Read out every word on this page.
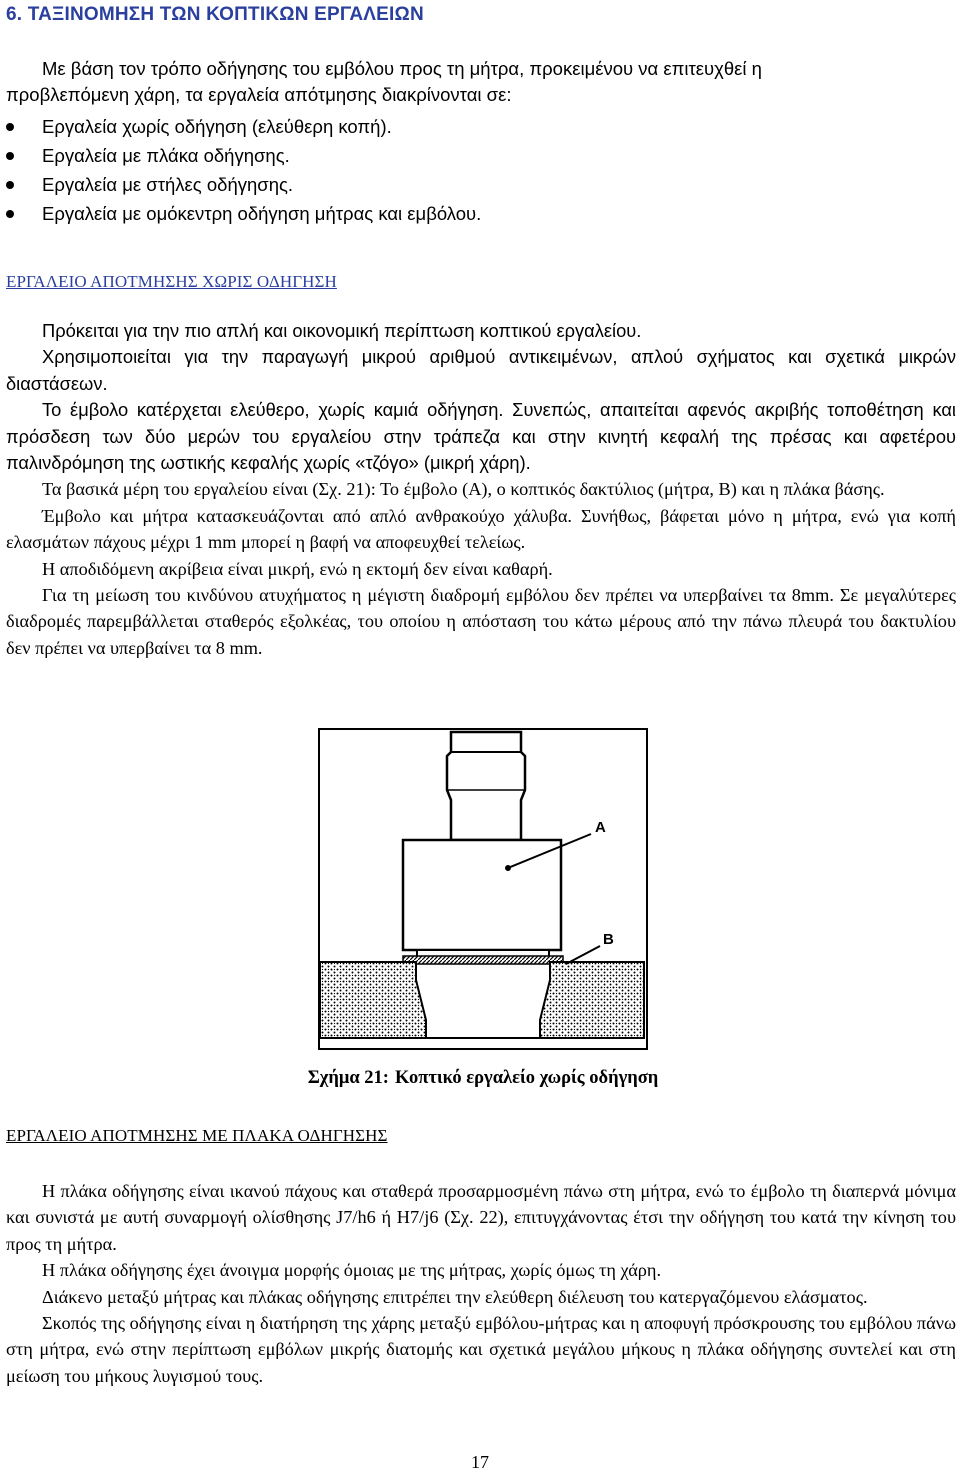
6. ΤΑΞΙΝΟΜΗΣΗ ΤΩΝ ΚΟΠΤΙΚΩΝ ΕΡΓΑΛΕΙΩΝ
Με βάση τον τρόπο οδήγησης του εμβόλου προς τη μήτρα, προκειμένου να επιτευχθεί η
προβλεπόμενη χάρη, τα εργαλεία απότμησης διακρίνονται σε:
Εργαλεία χωρίς οδήγηση (ελεύθερη κοπή).
Εργαλεία με πλάκα οδήγησης.
Εργαλεία με στήλες οδήγησης.
Εργαλεία με ομόκεντρη οδήγηση μήτρας και εμβόλου.
ΕΡΓΑΛΕΙΟ ΑΠΟΤΜΗΣΗΣ ΧΩΡΙΣ ΟΔΗΓΗΣΗ

Πρόκειται για την πιο απλή και οικονομική περίπτωση κοπτικού εργαλείου.

Χρησιμοποιείται για την παραγωγή μικρού αριθμού αντικειμένων, απλού σχήματος και σχετικά μικρών διαστάσεων.

Το έμβολο κατέρχεται ελεύθερο, χωρίς καμιά οδήγηση. Συνεπώς, απαιτείται αφενός ακριβής τοποθέτηση και πρόσδεση των δύο μερών του εργαλείου στην τράπεζα και στην κινητή κεφαλή της πρέσας και αφετέρου παλινδρόμηση της ωστικής κεφαλής χωρίς «τζόγο» (μικρή χάρη).

Τα βασικά μέρη του εργαλείου είναι (Σχ. 21): Το έμβολο (Α), ο κοπτικός δακτύλιος (μήτρα, Β) και η πλάκα βάσης.

Έμβολο και μήτρα κατασκευάζονται από απλό ανθρακούχο χάλυβα. Συνήθως, βάφεται μόνο η μήτρα, ενώ για κοπή ελασμάτων πάχους μέχρι 1 mm μπορεί η βαφή να αποφευχθεί τελείως.

Η αποδιδόμενη ακρίβεια είναι μικρή, ενώ η εκτομή δεν είναι καθαρή.

Για τη μείωση του κινδύνου ατυχήματος η μέγιστη διαδρομή εμβόλου δεν πρέπει να υπερβαίνει τα 8mm. Σε μεγαλύτερες διαδρομές παρεμβάλλεται σταθερός εξολκέας, του οποίου η απόσταση του κάτω μέρους από την πάνω πλευρά του δακτυλίου δεν πρέπει να υπερβαίνει τα 8 mm.

A
B
Σχήμα 21: Κοπτικό εργαλείο χωρίς οδήγηση
ΕΡΓΑΛΕΙΟ ΑΠΟΤΜΗΣΗΣ ΜΕ ΠΛΑΚΑ ΟΔΗΓΗΣΗΣ

Η πλάκα οδήγησης είναι ικανού πάχους και σταθερά προσαρμοσμένη πάνω στη μήτρα, ενώ το έμβολο τη διαπερνά μόνιμα και συνιστά με αυτή συναρμογή ολίσθησης J7/h6 ή H7/j6 (Σχ. 22), επιτυγχάνοντας έτσι την οδήγηση του κατά την κίνηση του προς τη μήτρα.

Η πλάκα οδήγησης έχει άνοιγμα μορφής όμοιας με της μήτρας, χωρίς όμως τη χάρη.

Διάκενο μεταξύ μήτρας και πλάκας οδήγησης επιτρέπει την ελεύθερη διέλευση του κατεργαζόμενου ελάσματος.

Σκοπός της οδήγησης είναι η διατήρηση της χάρης μεταξύ εμβόλου-μήτρας και η αποφυγή πρόσκρουσης του εμβόλου πάνω στη μήτρα, ενώ στην περίπτωση εμβόλων μικρής διατομής και σχετικά μεγάλου μήκους η πλάκα οδήγησης συντελεί και στη μείωση του μήκους λυγισμού τους.

17
